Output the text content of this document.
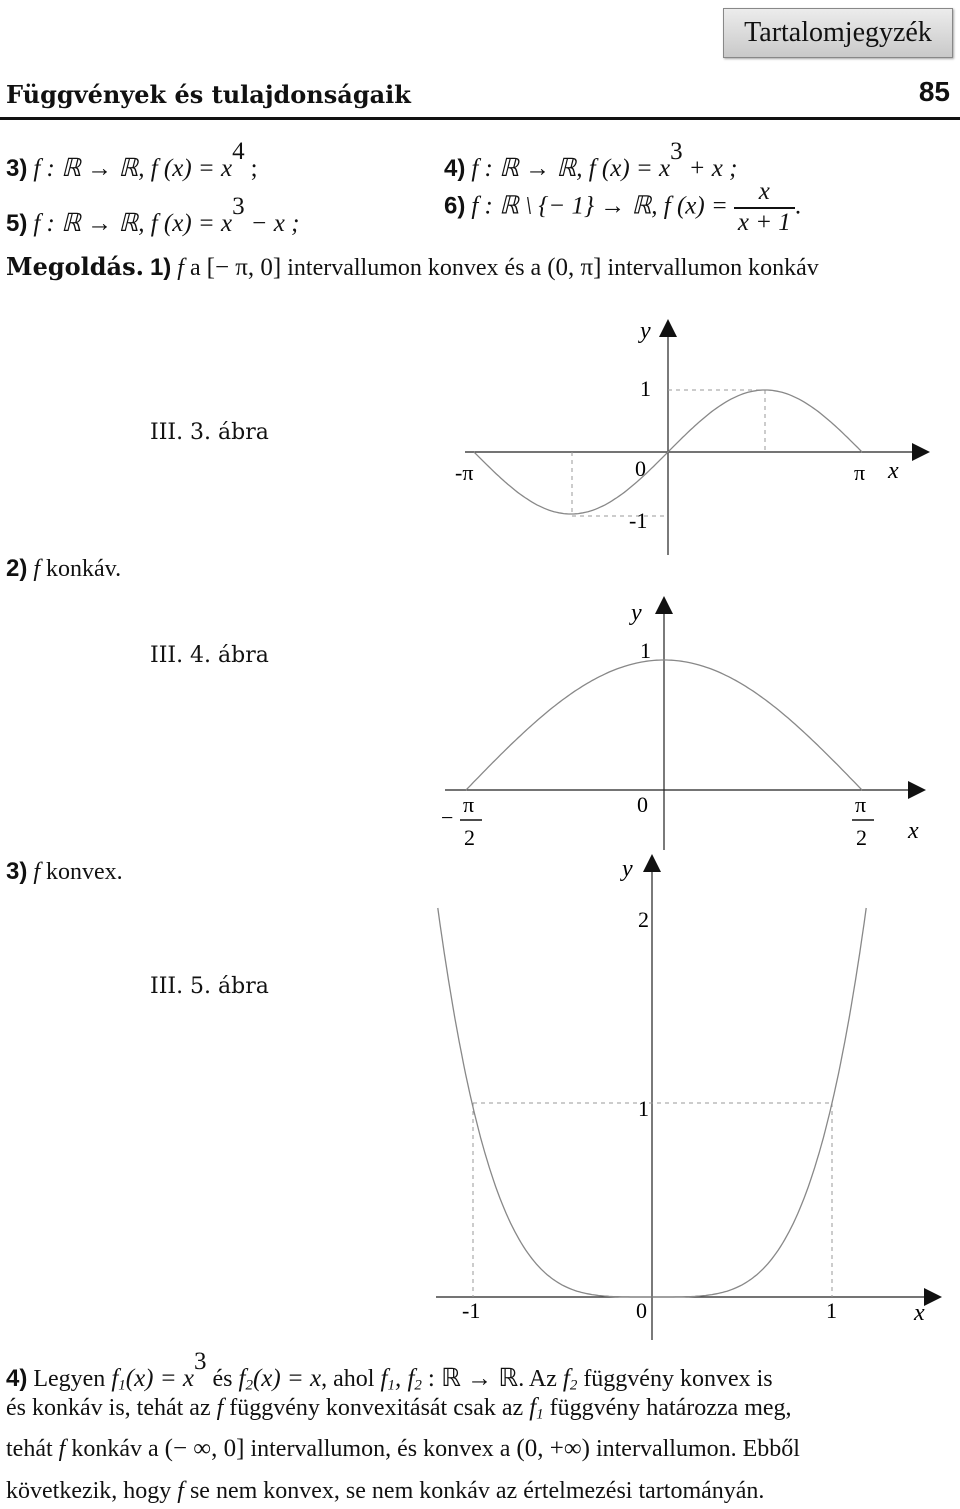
Tartalomjegyzék
Függvények és tulajdonságaik	85
3) f : ℝ → ℝ, f $(x) = x^4$ ;	4) f : ℝ → ℝ, f $(x) = x^3 + x$ ;
5) f : ℝ → ℝ, f $(x) = x^3 - x$ ;
6) f : ℝ \ {− 1} → ℝ, f $(x) = \frac{x}{x + 1}$ .
Megoldás. 1) f a [− π, 0] intervallumon konvex és a (0, π] intervallumon konkáv
2) f konkáv.
3) f konvex.
III. 3. ábra
III. 4. ábra
III. 5. ábra
y
x
1
0
-1
-π	π
y
x
1
0
−
π
2
π
2
y
x
2
1
-1	0	1
4) Legyen $f_1(x) = x^3$ és $f_2(x) = x$, ahol $f_1$, $f_2$ : ℝ → ℝ. Az $f_2$ függvény konvex is
és konkáv is, tehát az f függvény konvexitását csak az $f_1$ függvény határozza meg,
tehát f konkáv a (− ∞, 0] intervallumon, és konvex a (0, +∞) intervallumon. Ebből
következik, hogy f se nem konvex, se nem konkáv az értelmezési tartományán.
